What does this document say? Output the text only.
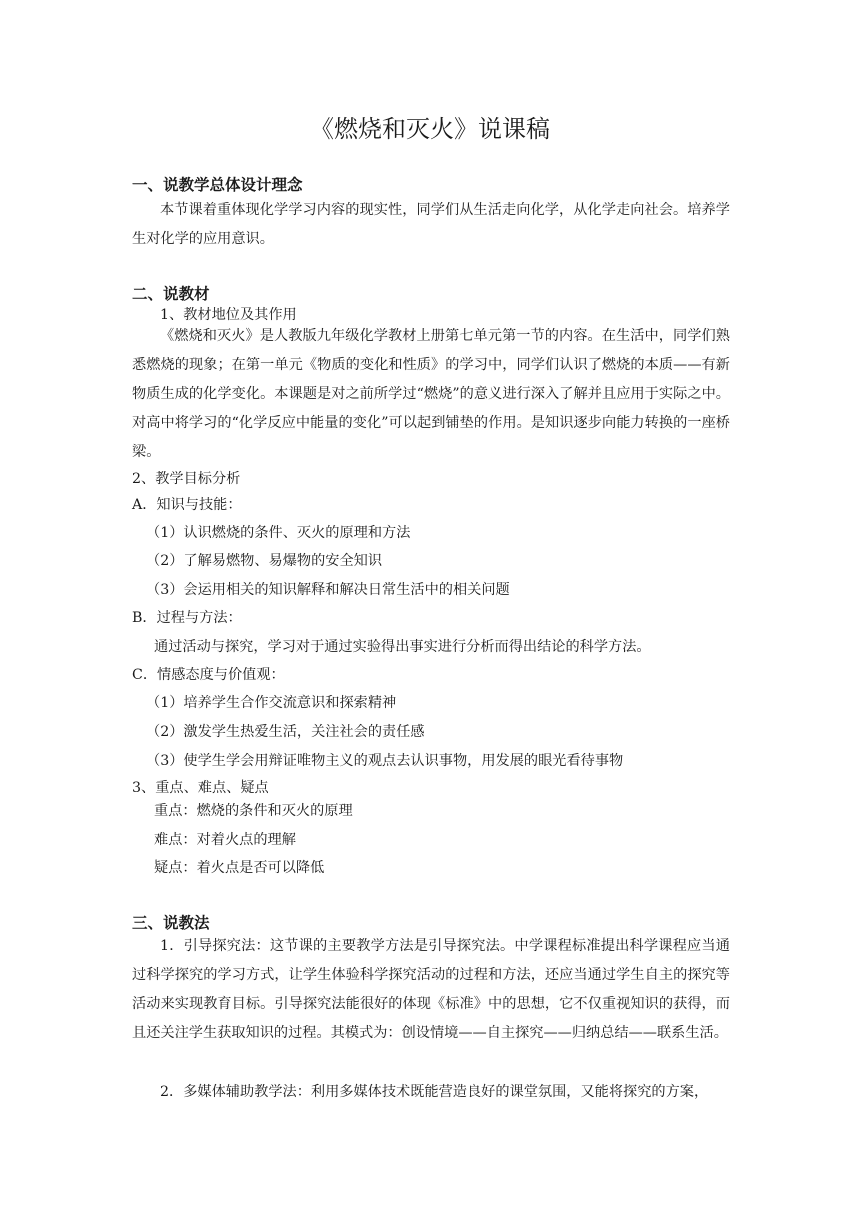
《燃烧和灭火》说课稿
一、说教学总体设计理念

本节课着重体现化学学习内容的现实性，同学们从生活走向化学，从化学走向社会。培养学生对化学的应用意识。

二、说教材

1、教材地位及其作用

《燃烧和灭火》是人教版九年级化学教材上册第七单元第一节的内容。在生活中，同学们熟悉燃烧的现象；在第一单元《物质的变化和性质》的学习中，同学们认识了燃烧的本质——有新物质生成的化学变化。本课题是对之前所学过“燃烧”的意义进行深入了解并且应用于实际之中。对高中将学习的“化学反应中能量的变化”可以起到铺垫的作用。是知识逐步向能力转换的一座桥梁。

2、教学目标分析

A．知识与技能：

（1）认识燃烧的条件、灭火的原理和方法

（2）了解易燃物、易爆物的安全知识

（3）会运用相关的知识解释和解决日常生活中的相关问题

B．过程与方法：

通过活动与探究，学习对于通过实验得出事实进行分析而得出结论的科学方法。

C．情感态度与价值观：

（1）培养学生合作交流意识和探索精神

（2）激发学生热爱生活，关注社会的责任感

（3）使学生学会用辩证唯物主义的观点去认识事物，用发展的眼光看待事物

3、重点、难点、疑点

重点：燃烧的条件和灭火的原理

难点：对着火点的理解

疑点：着火点是否可以降低

三、说教法

1．引导探究法：这节课的主要教学方法是引导探究法。中学课程标准提出科学课程应当通过科学探究的学习方式，让学生体验科学探究活动的过程和方法，还应当通过学生自主的探究等活动来实现教育目标。引导探究法能很好的体现《标准》中的思想，它不仅重视知识的获得，而且还关注学生获取知识的过程。其模式为：创设情境——自主探究——归纳总结——联系生活。

2．多媒体辅助教学法：利用多媒体技术既能营造良好的课堂氛围，又能将探究的方案，
